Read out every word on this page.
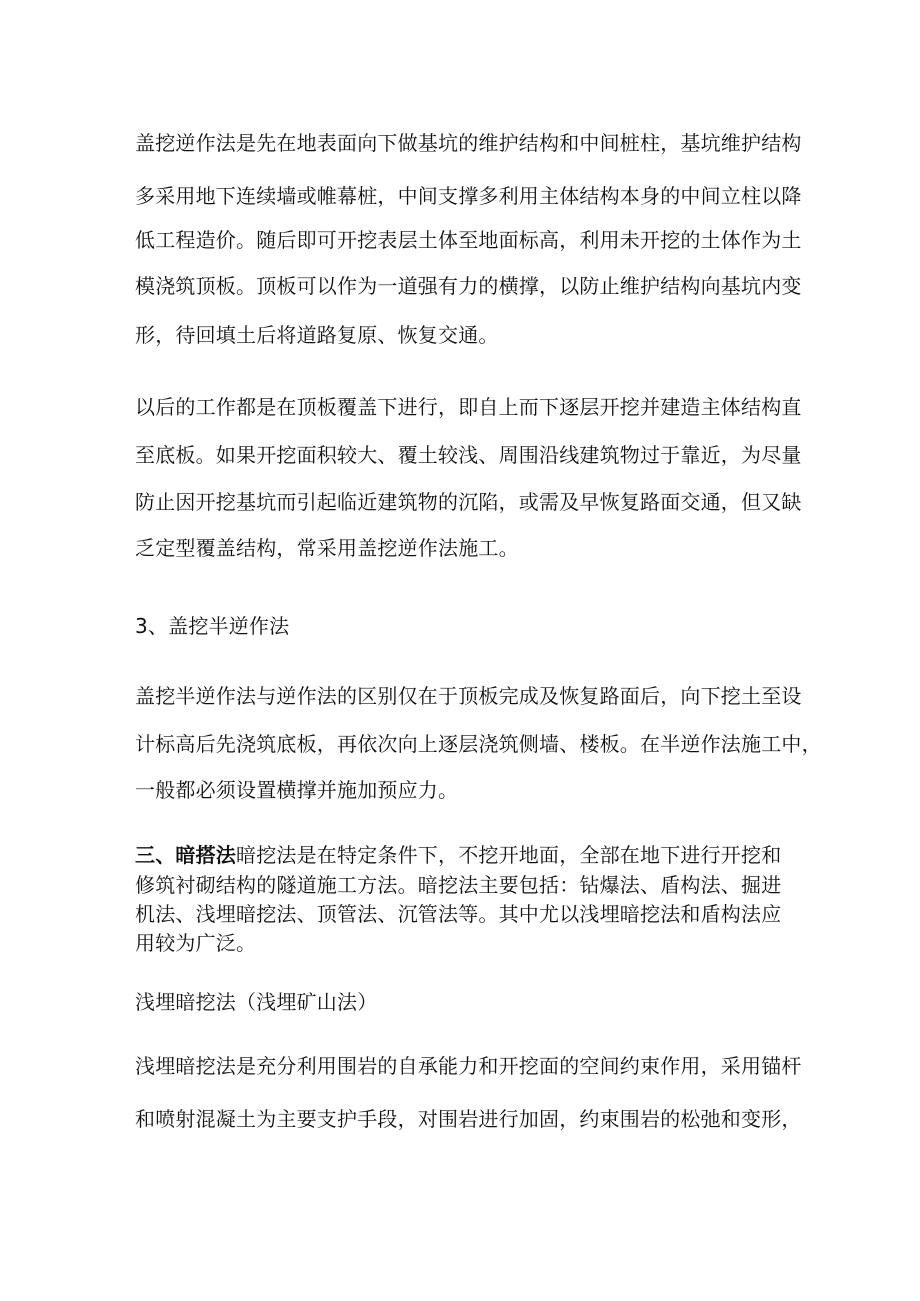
盖挖逆作法是先在地表面向下做基坑的维护结构和中间桩柱，基坑维护结构

多采用地下连续墙或帷幕桩，中间支撑多利用主体结构本身的中间立柱以降

低工程造价。随后即可开挖表层土体至地面标高，利用未开挖的土体作为土

模浇筑顶板。顶板可以作为一道强有力的横撑，以防止维护结构向基坑内变

形，待回填土后将道路复原、恢复交通。

以后的工作都是在顶板覆盖下进行，即自上而下逐层开挖并建造主体结构直

至底板。如果开挖面积较大、覆土较浅、周围沿线建筑物过于靠近，为尽量

防止因开挖基坑而引起临近建筑物的沉陷，或需及早恢复路面交通，但又缺

乏定型覆盖结构，常采用盖挖逆作法施工。

3、盖挖半逆作法

盖挖半逆作法与逆作法的区别仅在于顶板完成及恢复路面后，向下挖土至设

计标高后先浇筑底板，再依次向上逐层浇筑侧墙、楼板。在半逆作法施工中，

一般都必须设置横撑并施加预应力。

三、暗搭法暗挖法是在特定条件下，不挖开地面，全部在地下进行开挖和

修筑衬砌结构的隧道施工方法。暗挖法主要包括：钻爆法、盾构法、掘进

机法、浅埋暗挖法、顶管法、沉管法等。其中尤以浅埋暗挖法和盾构法应

用较为广泛。

浅埋暗挖法（浅埋矿山法）

浅埋暗挖法是充分利用围岩的自承能力和开挖面的空间约束作用，采用锚杆

和喷射混凝土为主要支护手段，对围岩进行加固，约束围岩的松弛和变形，
